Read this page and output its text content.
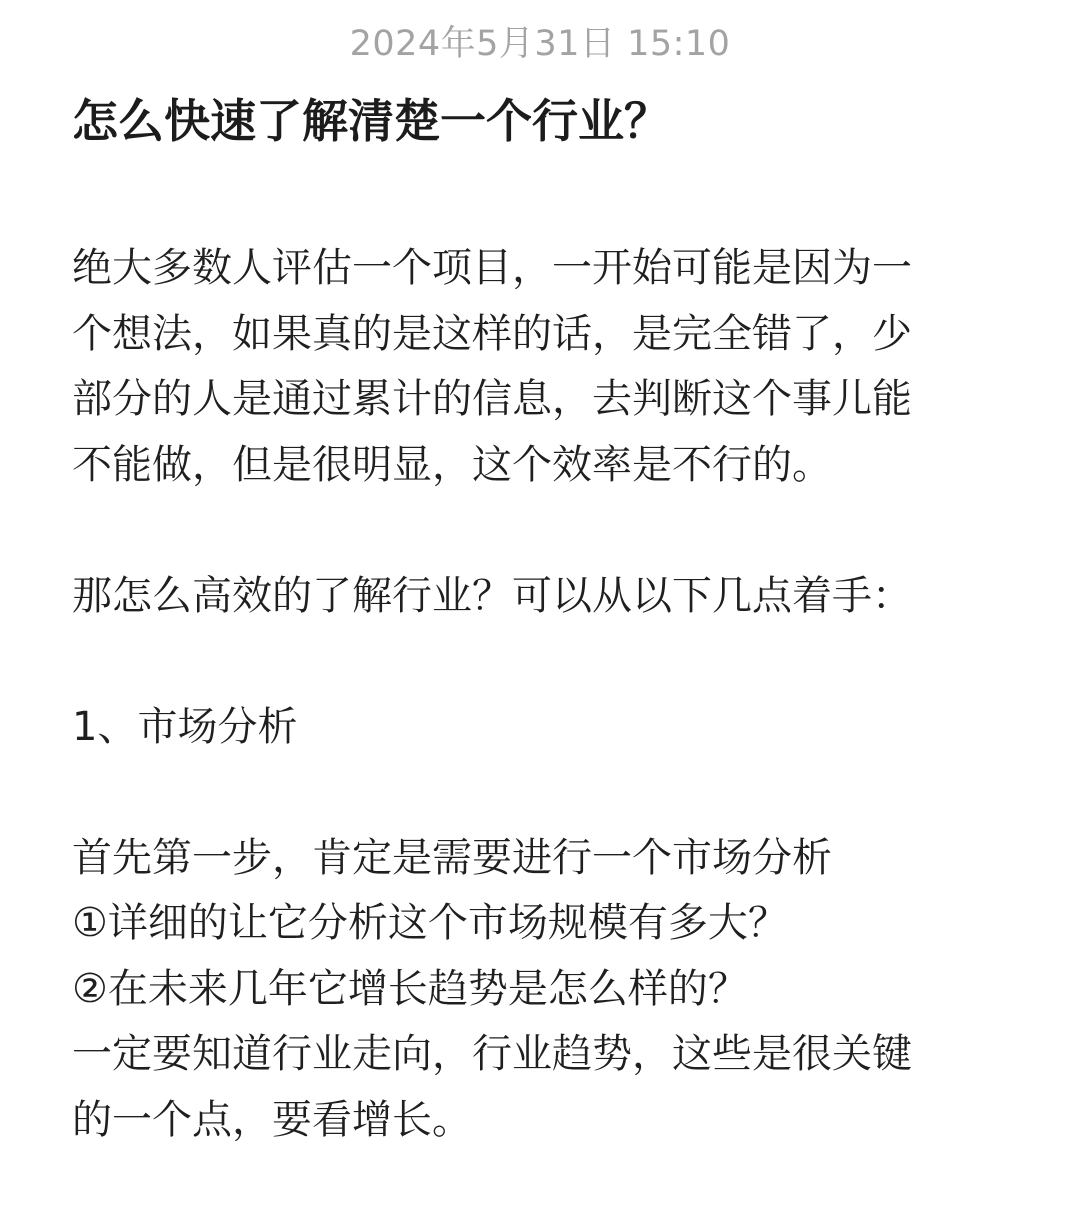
2024年5月31日 15:10
怎么快速了解清楚一个行业？
绝大多数人评估一个项目，一开始可能是因为一
个想法，如果真的是这样的话，是完全错了，少
部分的人是通过累计的信息，去判断这个事儿能
不能做，但是很明显，这个效率是不行的。
那怎么高效的了解行业？可以从以下几点着手：
1、市场分析
首先第一步，肯定是需要进行一个市场分析
①详细的让它分析这个市场规模有多大？
②在未来几年它增长趋势是怎么样的？
一定要知道行业走向，行业趋势，这些是很关键
的一个点，要看增长。
